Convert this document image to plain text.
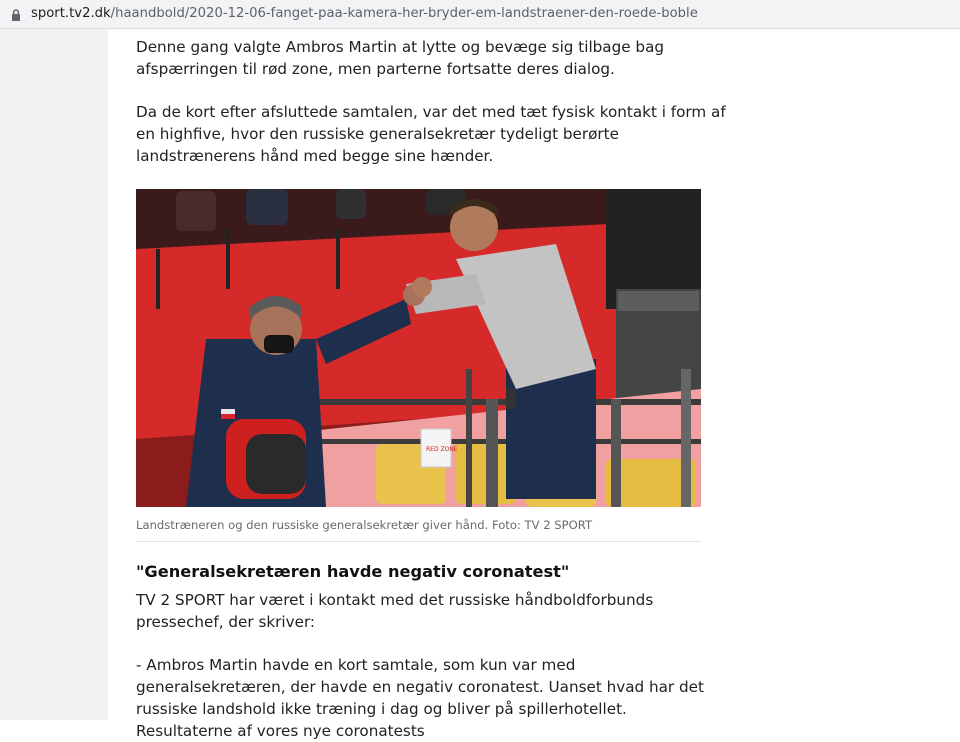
sport.tv2.dk/haandbold/2020-12-06-fanget-paa-kamera-her-bryder-em-landstraener-den-roede-boble

Denne gang valgte Ambros Martin at lytte og bevæge sig tilbage bag afspærringen til rød zone, men parterne fortsatte deres dialog.

Da de kort efter afsluttede samtalen, var det med tæt fysisk kontakt i form af en highfive, hvor den russiske generalsekretær tydeligt berørte landstrænerens hånd med begge sine hænder.

RED ZONE
Landstræneren og den russiske generalsekretær giver hånd. Foto: TV 2 SPORT
"Generalsekretæren havde negativ coronatest"

TV 2 SPORT har været i kontakt med det russiske håndboldforbunds pressechef, der skriver:

- Ambros Martin havde en kort samtale, som kun var med generalsekretæren, der havde en negativ coronatest. Uanset hvad har det russiske landshold ikke træning i dag og bliver på spillerhotellet. Resultaterne af vores nye coronatests
